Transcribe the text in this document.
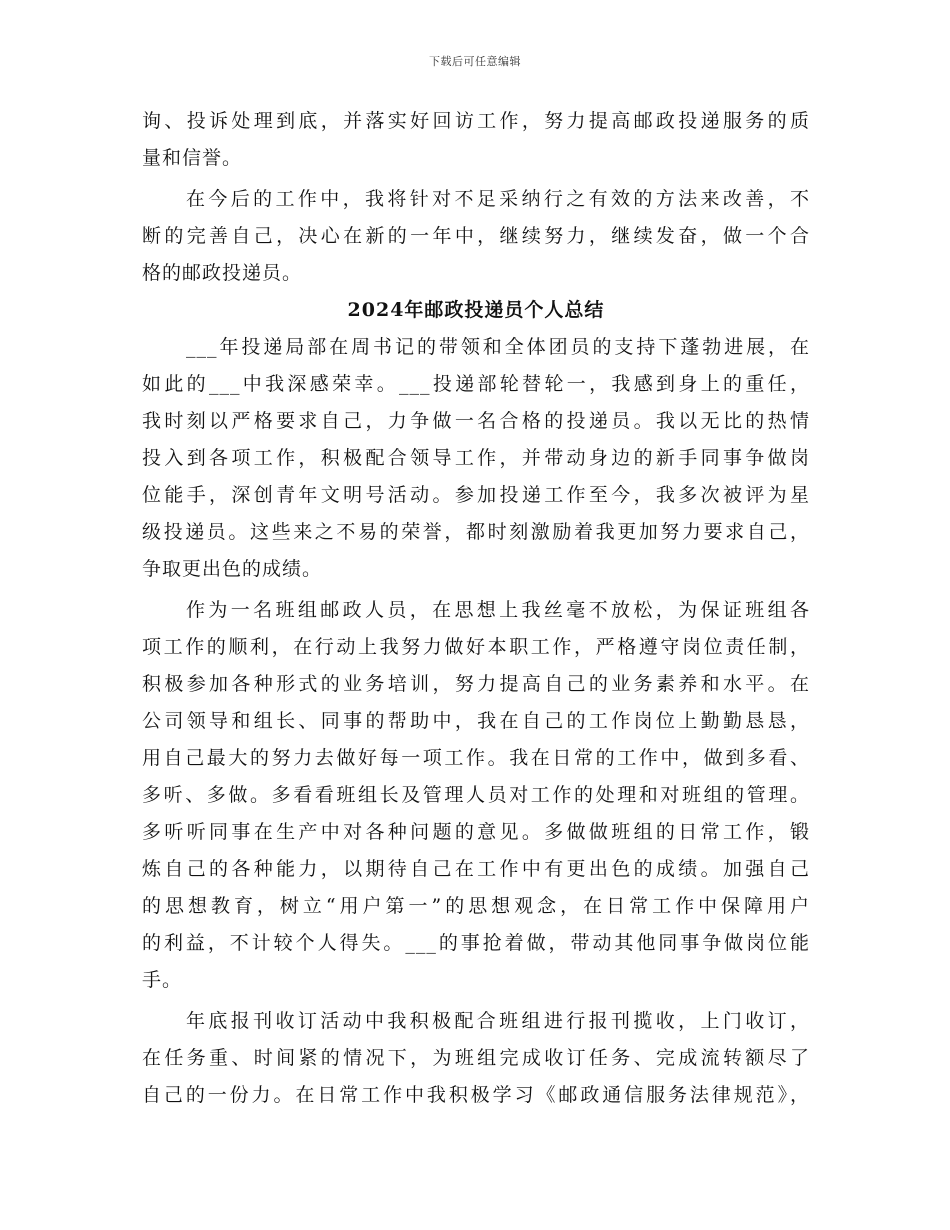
下载后可任意编辑
询、投诉处理到底，并落实好回访工作，努力提高邮政投递服务的质
量和信誉。
在今后的工作中，我将针对不足采纳行之有效的方法来改善，不
断的完善自己，决心在新的一年中，继续努力，继续发奋，做一个合
格的邮政投递员。
2024年邮政投递员个人总结
___年投递局部在周书记的带领和全体团员的支持下蓬勃进展，在
如此的___中我深感荣幸。___投递部轮替轮一，我感到身上的重任，
我时刻以严格要求自己，力争做一名合格的投递员。我以无比的热情
投入到各项工作，积极配合领导工作，并带动身边的新手同事争做岗
位能手，深创青年文明号活动。参加投递工作至今，我多次被评为星
级投递员。这些来之不易的荣誉，都时刻激励着我更加努力要求自己，
争取更出色的成绩。
作为一名班组邮政人员，在思想上我丝毫不放松，为保证班组各
项工作的顺利，在行动上我努力做好本职工作，严格遵守岗位责任制，
积极参加各种形式的业务培训，努力提高自己的业务素养和水平。在
公司领导和组长、同事的帮助中，我在自己的工作岗位上勤勤恳恳，
用自己最大的努力去做好每一项工作。我在日常的工作中，做到多看、
多听、多做。多看看班组长及管理人员对工作的处理和对班组的管理。
多听听同事在生产中对各种问题的意见。多做做班组的日常工作，锻
炼自己的各种能力，以期待自己在工作中有更出色的成绩。加强自己
的思想教育，树立“用户第一”的思想观念，在日常工作中保障用户
的利益，不计较个人得失。___的事抢着做，带动其他同事争做岗位能
手。
年底报刊收订活动中我积极配合班组进行报刊揽收，上门收订，
在任务重、时间紧的情况下，为班组完成收订任务、完成流转额尽了
自己的一份力。在日常工作中我积极学习《邮政通信服务法律规范》，
